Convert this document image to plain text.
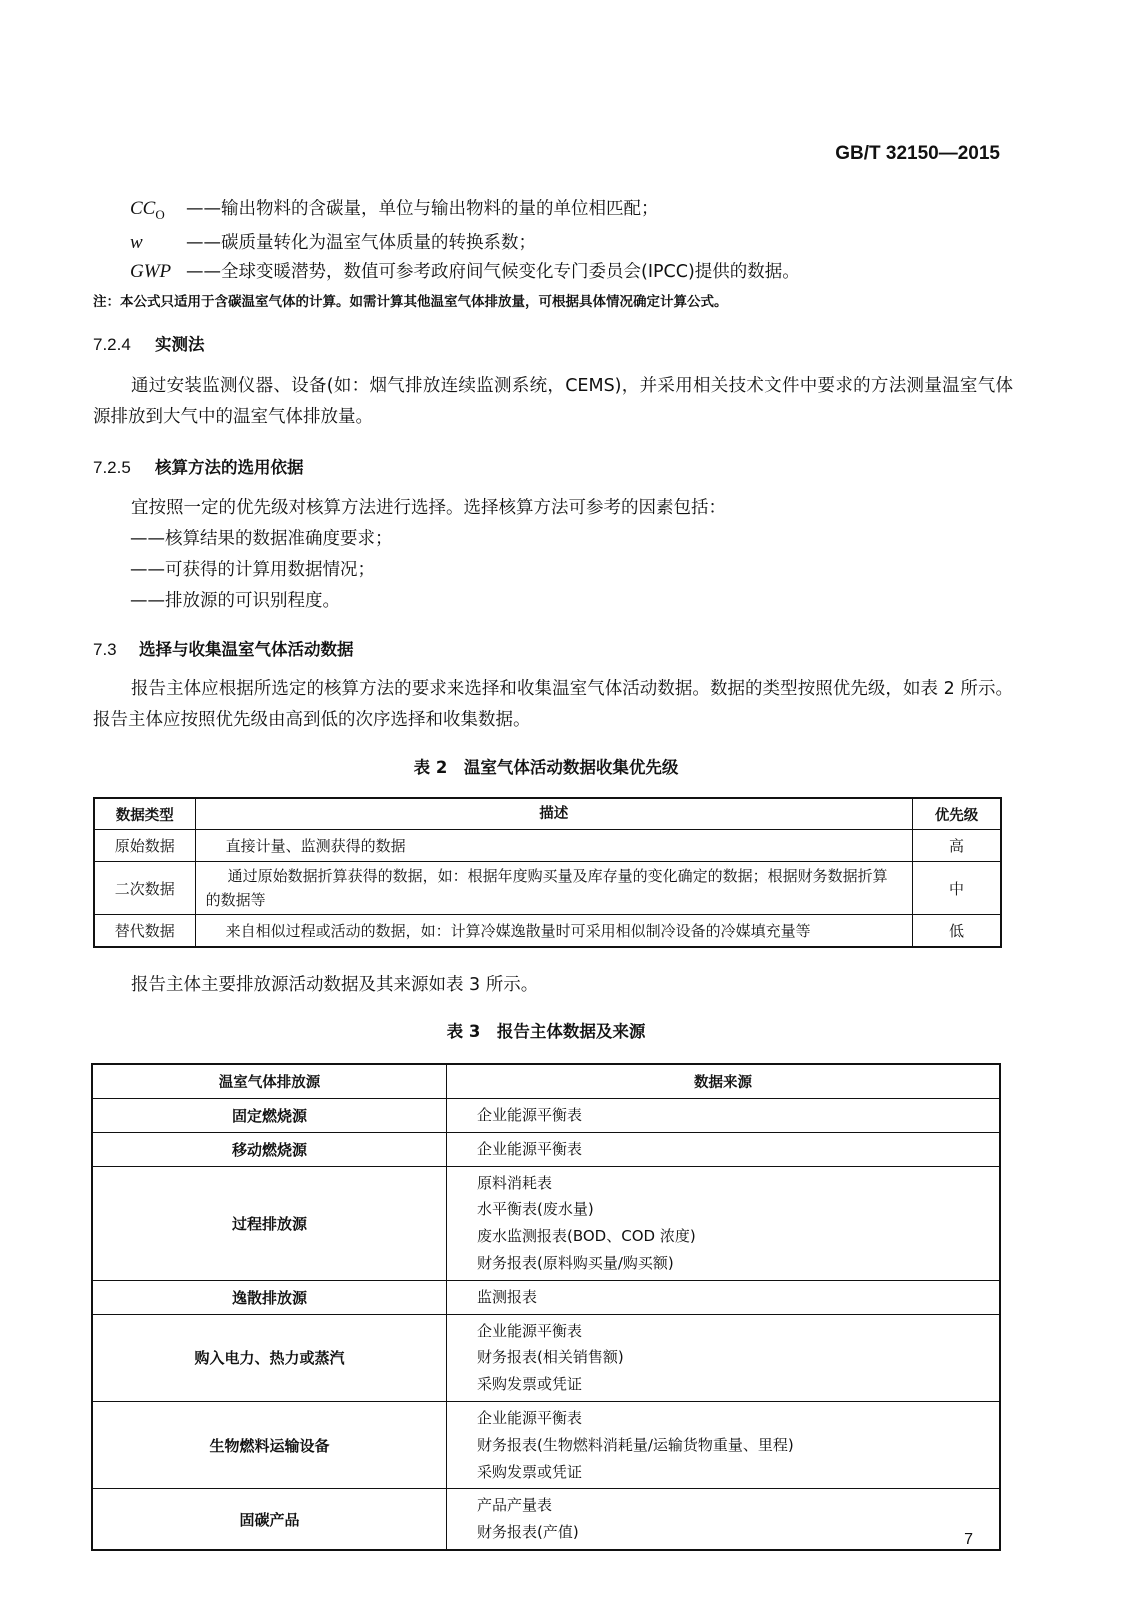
GB/T 32150—2015
$CC_O$	——输出物料的含碳量，单位与输出物料的量的单位相匹配；
w	——碳质量转化为温室气体质量的转换系数；
GWP ——全球变暖潜势，数值可参考政府间气候变化专门委员会(IPCC)提供的数据。
注：本公式只适用于含碳温室气体的计算。如需计算其他温室气体排放量，可根据具体情况确定计算公式。
7.2.4 实测法
通过安装监测仪器、设备(如：烟气排放连续监测系统，CEMS)，并采用相关技术文件中要求的方法测量温室气体源排放到大气中的温室气体排放量。
7.2.5 核算方法的选用依据
宜按照一定的优先级对核算方法进行选择。选择核算方法可参考的因素包括：
——核算结果的数据准确度要求；
——可获得的计算用数据情况；
——排放源的可识别程度。
7.3 选择与收集温室气体活动数据
报告主体应根据所选定的核算方法的要求来选择和收集温室气体活动数据。数据的类型按照优先级，如表 2 所示。报告主体应按照优先级由高到低的次序选择和收集数据。
表 2　温室气体活动数据收集优先级
数据类型	描述	优先级
原始数据	直接计量、监测获得的数据	高
二次数据	通过原始数据折算获得的数据，如：根据年度购买量及库存量的变化确定的数据；根据财务数据折算的数据等	中
替代数据	来自相似过程或活动的数据，如：计算冷媒逸散量时可采用相似制冷设备的冷媒填充量等	低
报告主体主要排放源活动数据及其来源如表 3 所示。
表 3　报告主体数据及来源
温室气体排放源	数据来源
固定燃烧源	企业能源平衡表

移动燃烧源	企业能源平衡表

过程排放源	原料消耗表
水平衡表(废水量)
废水监测报表(BOD、COD 浓度)
财务报表(原料购买量/购买额)

逸散排放源	监测报表

购入电力、热力或蒸汽	企业能源平衡表
财务报表(相关销售额)
采购发票或凭证

生物燃料运输设备	企业能源平衡表
财务报表(生物燃料消耗量/运输货物重量、里程)
采购发票或凭证

固碳产品	产品产量表
财务报表(产值)	7
